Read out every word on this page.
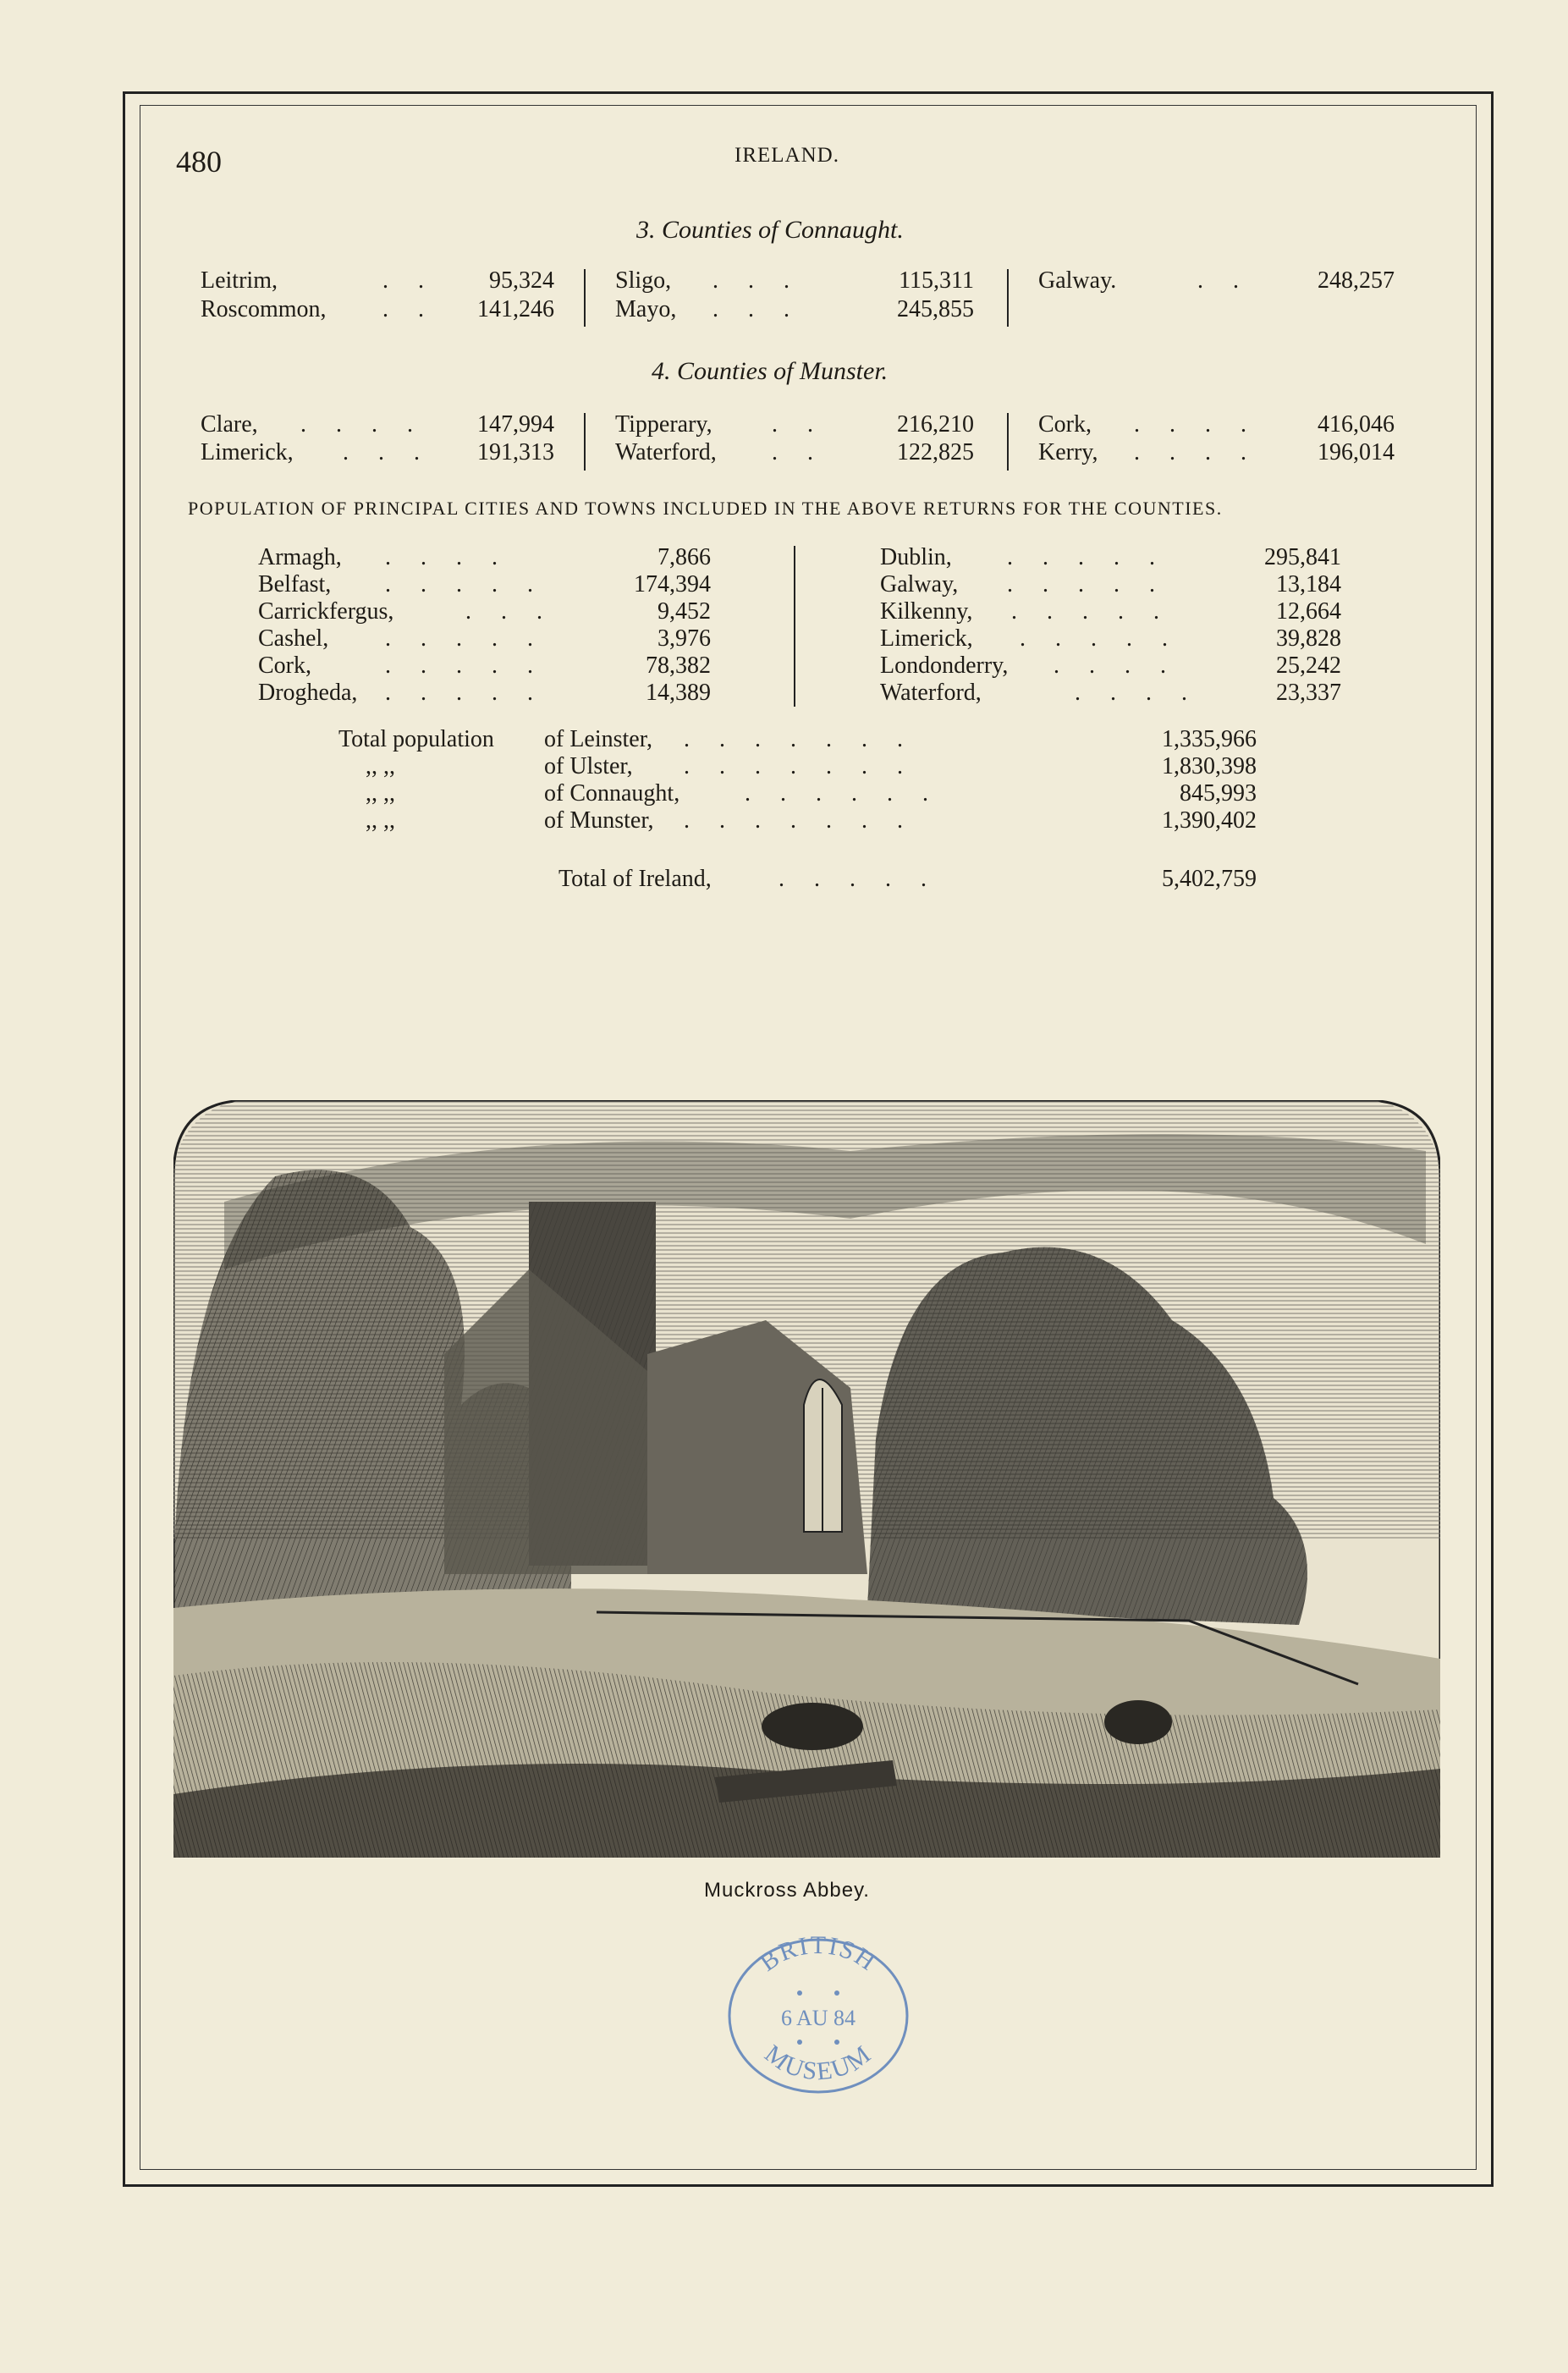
480	IRELAND.
3. Counties of Connaught.
Leitrim,	. . 95,324	Sligo, . . .	115,311	Galway.	. .	248,257
Roscommon, . . 141,246	Mayo, . . .	245,855
4. Counties of Munster.
Clare, . . . . 147,994	Tipperary,	. .	216,210	Cork, . . . .	416,046
Limerick, . . . 191,313	Waterford, . .	122,825	Kerry, . . . .	196,014
POPULATION OF PRINCIPAL CITIES AND TOWNS INCLUDED IN THE ABOVE RETURNS FOR THE COUNTIES.
Armagh, . . . .	7,866	Dublin, . . . . .	295,841
Belfast, . . . . .	174,394	Galway, . . . . .	13,184
Carrickfergus,	. . .	9,452	Kilkenny, . . . . .	12,664
Cashel, . . . . .	3,976	Limerick, . . . . .	39,828
Cork,	. . . . .	78,382	Londonderry, . . . .	25,242
Drogheda, . . . . .	14,389	Waterford,	. . . .	23,337
Total population of Leinster, . . . . . . .	1,335,966
,, ,,	of Ulster, . . . . . . .	1,830,398
,, ,,	of Connaught,	. . . . . .	845,993
,, ,,	of Munster, . . . . . . .	1,390,402
Total of Ireland,	. . . . .	5,402,759
Muckross Abbey.
BRITISH
6 AU 84
MUSEUM
